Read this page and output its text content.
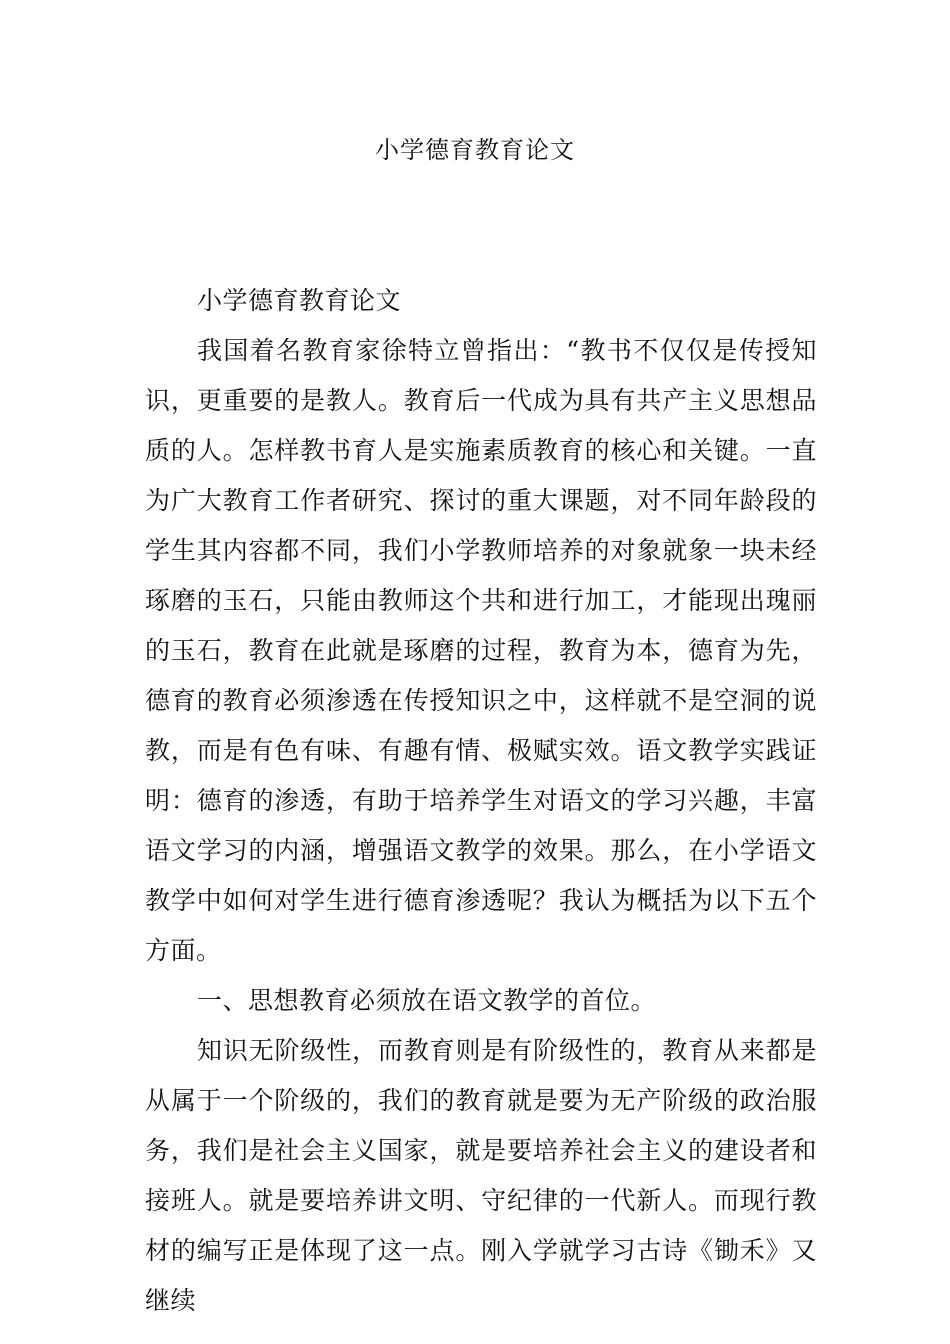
小学德育教育论文

小学德育教育论文

我国着名教育家徐特立曾指出：“教书不仅仅是传授知识，更重要的是教人。教育后一代成为具有共产主义思想品质的人。怎样教书育人是实施素质教育的核心和关键。一直为广大教育工作者研究、探讨的重大课题，对不同年龄段的学生其内容都不同，我们小学教师培养的对象就象一块未经琢磨的玉石，只能由教师这个共和进行加工，才能现出瑰丽的玉石，教育在此就是琢磨的过程，教育为本，德育为先，德育的教育必须渗透在传授知识之中，这样就不是空洞的说教，而是有色有味、有趣有情、极赋实效。语文教学实践证明：德育的渗透，有助于培养学生对语文的学习兴趣，丰富语文学习的内涵，增强语文教学的效果。那么，在小学语文教学中如何对学生进行德育渗透呢？我认为概括为以下五个方面。

一、思想教育必须放在语文教学的首位。

知识无阶级性，而教育则是有阶级性的，教育从来都是从属于一个阶级的，我们的教育就是要为无产阶级的政治服务，我们是社会主义国家，就是要培养社会主义的建设者和接班人。就是要培养讲文明、守纪律的一代新人。而现行教材的编写正是体现了这一点。刚入学就学习古诗《锄禾》又继续
